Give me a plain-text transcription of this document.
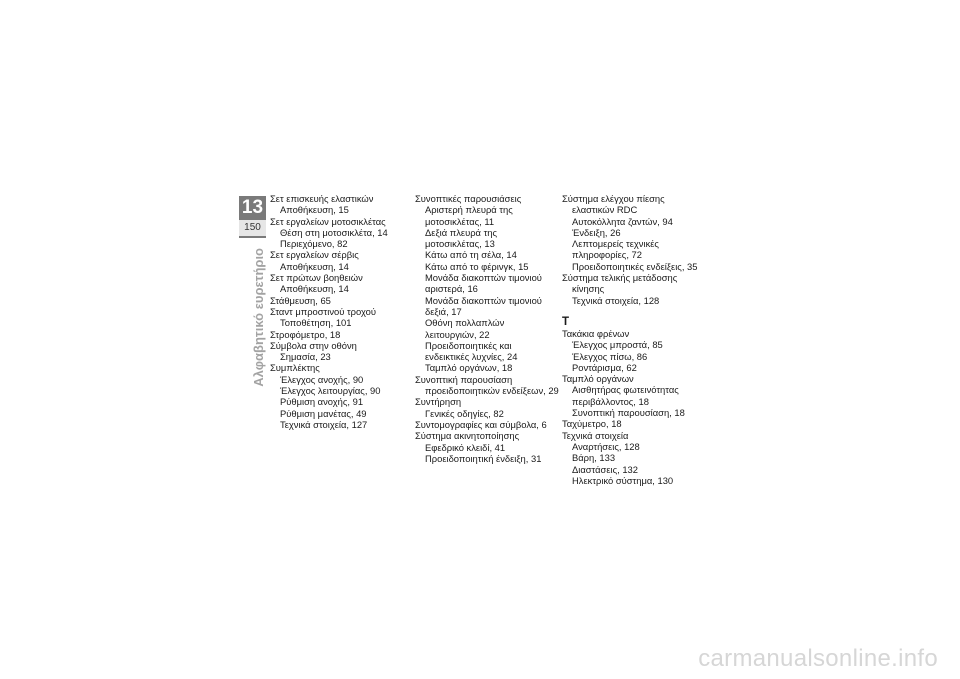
13
150
Αλφαβητικό ευρετήριο
Σετ επισκευής ελαστικών
Αποθήκευση, 15
Σετ εργαλείων μοτοσικλέτας
Θέση στη μοτοσικλέτα, 14
Περιεχόμενο, 82
Σετ εργαλείων σέρβις
Αποθήκευση, 14
Σετ πρώτων βοηθειών
Αποθήκευση, 14
Στάθμευση, 65
Σταντ μπροστινού τροχού
Τοποθέτηση, 101
Στροφόμετρο, 18
Σύμβολα στην οθόνη
Σημασία, 23
Συμπλέκτης
Έλεγχος ανοχής, 90
Έλεγχος λειτουργίας, 90
Ρύθμιση ανοχής, 91
Ρύθμιση μανέτας, 49
Τεχνικά στοιχεία, 127
Συνοπτικές παρουσιάσεις
Αριστερή πλευρά της
μοτοσικλέτας, 11
Δεξιά πλευρά της
μοτοσικλέτας, 13
Κάτω από τη σέλα, 14
Κάτω από το φέρινγκ, 15
Μονάδα διακοπτών τιμονιού
αριστερά, 16
Μονάδα διακοπτών τιμονιού
δεξιά, 17
Οθόνη πολλαπλών
λειτουργιών, 22
Προειδοποιητικές και
ενδεικτικές λυχνίες, 24
Ταμπλό οργάνων, 18
Συνοπτική παρουσίαση
προειδοποιητικών ενδείξεων, 29
Συντήρηση
Γενικές οδηγίες, 82
Συντομογραφίες και σύμβολα, 6
Σύστημα ακινητοποίησης
Εφεδρικό κλειδί, 41
Προειδοποιητική ένδειξη, 31
Σύστημα ελέγχου πίεσης
ελαστικών RDC
Αυτοκόλλητα ζαντών, 94
Ένδειξη, 26
Λεπτομερείς τεχνικές
πληροφορίες, 72
Προειδοποιητικές ενδείξεις, 35
Σύστημα τελικής μετάδοσης
κίνησης
Τεχνικά στοιχεία, 128
Τ
Τακάκια φρένων
Έλεγχος μπροστά, 85
Έλεγχος πίσω, 86
Ροντάρισμα, 62
Ταμπλό οργάνων
Αισθητήρας φωτεινότητας
περιβάλλοντος, 18
Συνοπτική παρουσίαση, 18
Ταχύμετρο, 18
Τεχνικά στοιχεία
Αναρτήσεις, 128
Βάρη, 133
Διαστάσεις, 132
Ηλεκτρικό σύστημα, 130
carmanualsonline.info
